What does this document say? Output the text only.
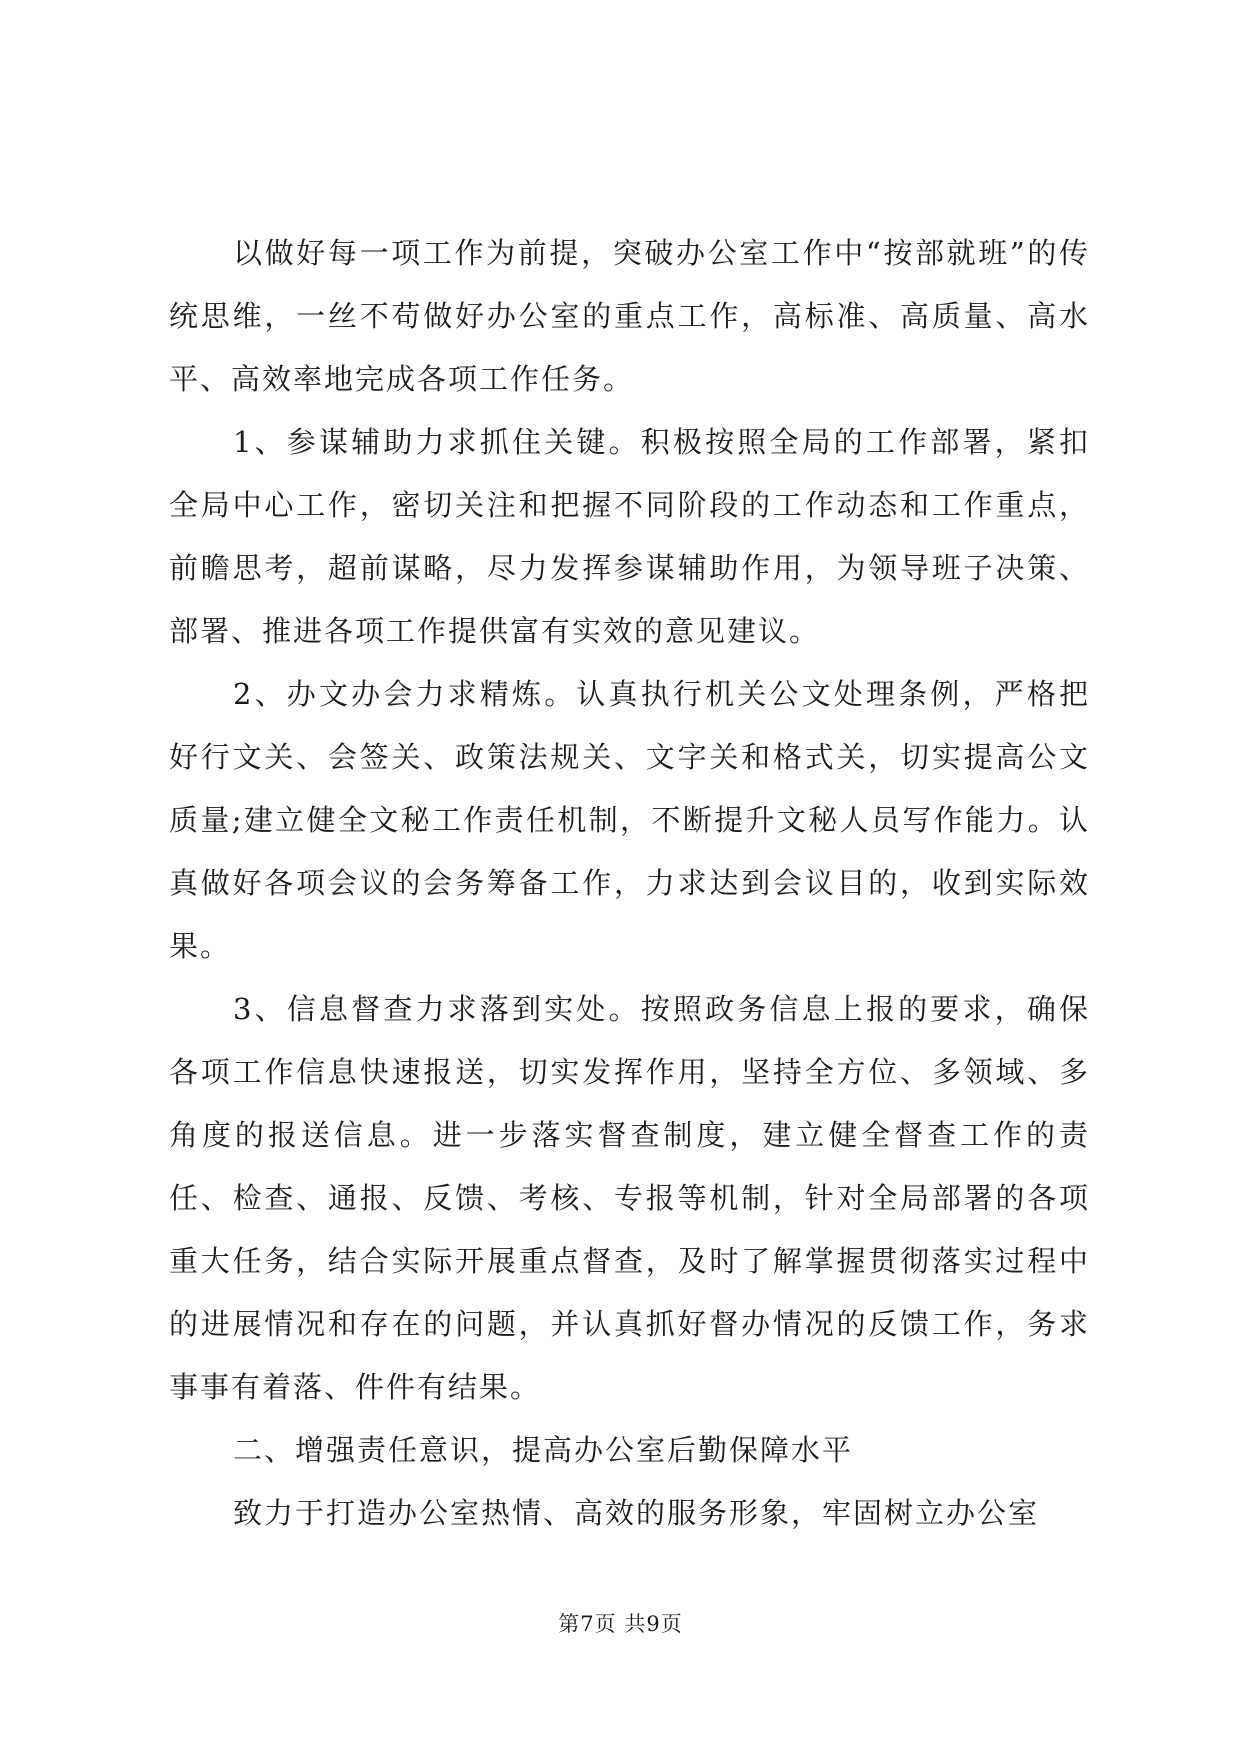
以做好每一项工作为前提，突破办公室工作中“按部就班”的传统思维，一丝不苟做好办公室的重点工作，高标准、高质量、高水平、高效率地完成各项工作任务。

1、参谋辅助力求抓住关键。积极按照全局的工作部署，紧扣全局中心工作，密切关注和把握不同阶段的工作动态和工作重点，前瞻思考，超前谋略，尽力发挥参谋辅助作用，为领导班子决策、部署、推进各项工作提供富有实效的意见建议。

2、办文办会力求精炼。认真执行机关公文处理条例，严格把好行文关、会签关、政策法规关、文字关和格式关，切实提高公文质量;建立健全文秘工作责任机制，不断提升文秘人员写作能力。认真做好各项会议的会务筹备工作，力求达到会议目的，收到实际效果。

3、信息督查力求落到实处。按照政务信息上报的要求，确保各项工作信息快速报送，切实发挥作用，坚持全方位、多领域、多角度的报送信息。进一步落实督查制度，建立健全督查工作的责任、检查、通报、反馈、考核、专报等机制，针对全局部署的各项重大任务，结合实际开展重点督查，及时了解掌握贯彻落实过程中的进展情况和存在的问题，并认真抓好督办情况的反馈工作，务求事事有着落、件件有结果。

二、增强责任意识，提高办公室后勤保障水平

致力于打造办公室热情、高效的服务形象，牢固树立办公室

第7页 共9页
